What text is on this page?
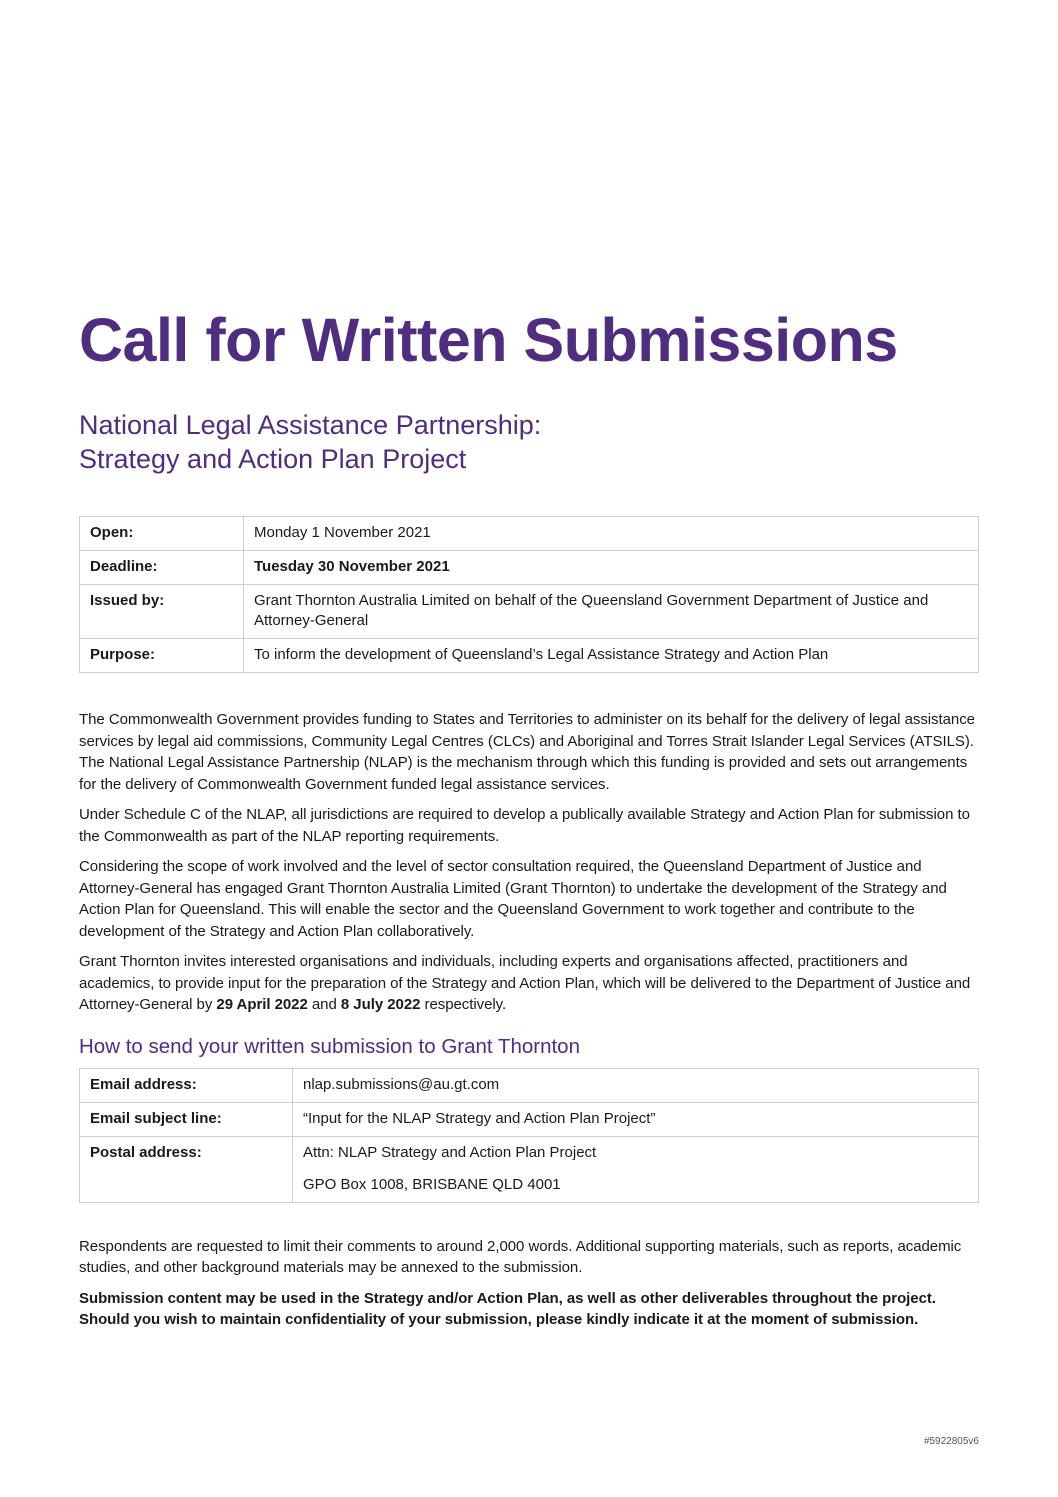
Call for Written Submissions
National Legal Assistance Partnership:
Strategy and Action Plan Project
Open:	Monday 1 November 2021
Deadline:	Tuesday 30 November 2021
Issued by:	Grant Thornton Australia Limited on behalf of the Queensland Government Department of Justice and Attorney-General
Purpose:	To inform the development of Queensland’s Legal Assistance Strategy and Action Plan

The Commonwealth Government provides funding to States and Territories to administer on its behalf for the delivery of legal assistance services by legal aid commissions, Community Legal Centres (CLCs) and Aboriginal and Torres Strait Islander Legal Services (ATSILS). The National Legal Assistance Partnership (NLAP) is the mechanism through which this funding is provided and sets out arrangements for the delivery of Commonwealth Government funded legal assistance services.

Under Schedule C of the NLAP, all jurisdictions are required to develop a publically available Strategy and Action Plan for submission to the Commonwealth as part of the NLAP reporting requirements.

Considering the scope of work involved and the level of sector consultation required, the Queensland Department of Justice and Attorney-General has engaged Grant Thornton Australia Limited (Grant Thornton) to undertake the development of the Strategy and Action Plan for Queensland. This will enable the sector and the Queensland Government to work together and contribute to the development of the Strategy and Action Plan collaboratively.

Grant Thornton invites interested organisations and individuals, including experts and organisations affected, practitioners and academics, to provide input for the preparation of the Strategy and Action Plan, which will be delivered to the Department of Justice and Attorney-General by 29 April 2022 and 8 July 2022 respectively.

How to send your written submission to Grant Thornton
Email address:	nlap.submissions@au.gt.com
Email subject line:	“Input for the NLAP Strategy and Action Plan Project”
Postal address:	Attn: NLAP Strategy and Action Plan Project
GPO Box 1008, BRISBANE QLD 4001

Respondents are requested to limit their comments to around 2,000 words. Additional supporting materials, such as reports, academic studies, and other background materials may be annexed to the submission.

Submission content may be used in the Strategy and/or Action Plan, as well as other deliverables throughout the project. Should you wish to maintain confidentiality of your submission, please kindly indicate it at the moment of submission.

#5922805v6
